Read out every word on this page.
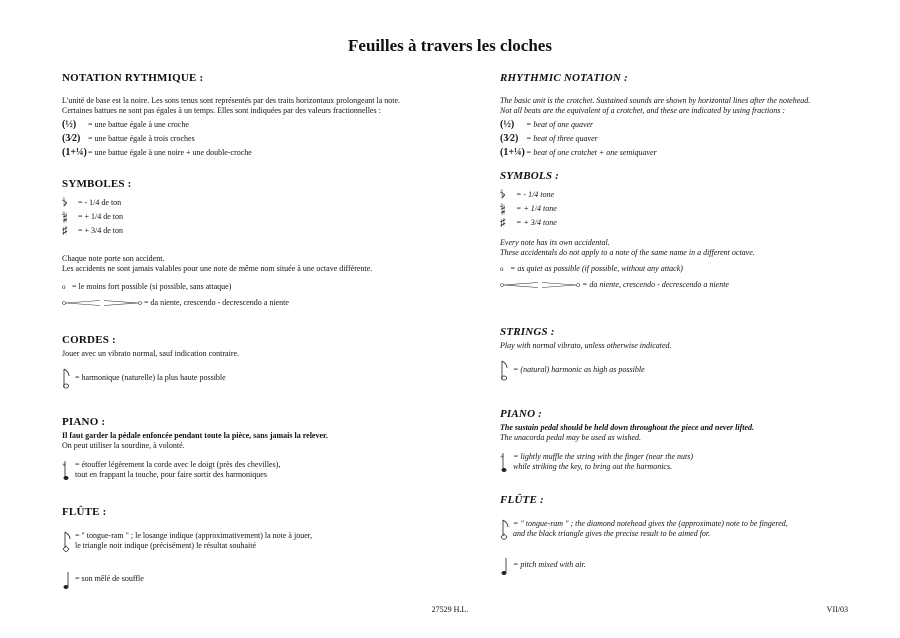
Feuilles à travers les cloches
NOTATION RYTHMIQUE :
L'unité de base est la noire. Les sons tenus sont représentés par des traits horizontaux prolongeant la note.
Certaines battues ne sont pas égales à un temps. Elles sont indiquées par des valeurs fractionnelles :
(½)	= une battue égale à une croche
(3⁄2) = une battue égale à trois croches
(1+¼) = une battue égale à une noire + une double-croche
SYMBOLES :
𝄳	= - 1/4 de ton
𝄲	= + 1/4 de ton
♯	= + 3/4 de ton
Chaque note porte son accident.
Les accidents ne sont jamais valables pour une note de même nom située à une octave différente.
o = le moins fort possible (si possible, sans attaque)
= da niente, crescendo - decrescendo a niente
CORDES :
Jouer avec un vibrato normal, sauf indication contraire.
= harmonique (naturelle) la plus haute possible
PIANO :
Il faut garder la pédale enfoncée pendant toute la pièce, sans jamais la relever.
On peut utiliser la sourdine, à volonté.
+ = étouffer légèrement la corde avec le doigt (près des chevilles),
tout en frappant la touche, pour faire sortir des harmoniques
FLÛTE :
= " tongue-ram " ; le losange indique (approximativement) la note à jouer,
le triangle noir indique (précisément) le résultat souhaité
= son mêlé de souffle
RHYTHMIC NOTATION :
The basic unit is the crotchet. Sustained sounds are shown by horizontal lines after the notehead.
Not all beats are the equivalent of a crotchet, and these are indicated by using fractions :
(½)	= beat of one quaver
(3⁄2) = beat of three quaver
(1+¼) = beat of one crotchet + one semiquaver
SYMBOLS :
𝄳	= - 1/4 tone
𝄲	= + 1/4 tone
♯	= + 3/4 tone
Every note has its own accidental.
These accidentals do not apply to a note of the same name in a different octave.
o = as quiet as possible (if possible, without any attack)
= da niente, crescendo - decrescendo a niente
STRINGS :
Play with normal vibrato, unless otherwise indicated.
= (natural) harmonic as high as possible
PIANO :
The sustain pedal should be held down throughout the piece and never lifted.
The unacorda pedal may be used as wished.
+ = lightly muffle the string with the finger (near the nuts)
while striking the key, to bring out the harmonics.
FLÛTE :
= " tongue-ram " ; the diamond notehead gives the (approximate) note to be fingered,
and the black triangle gives the precise result to be aimed for.
= pitch mixed with air.
27529 H.L.	VII/03
